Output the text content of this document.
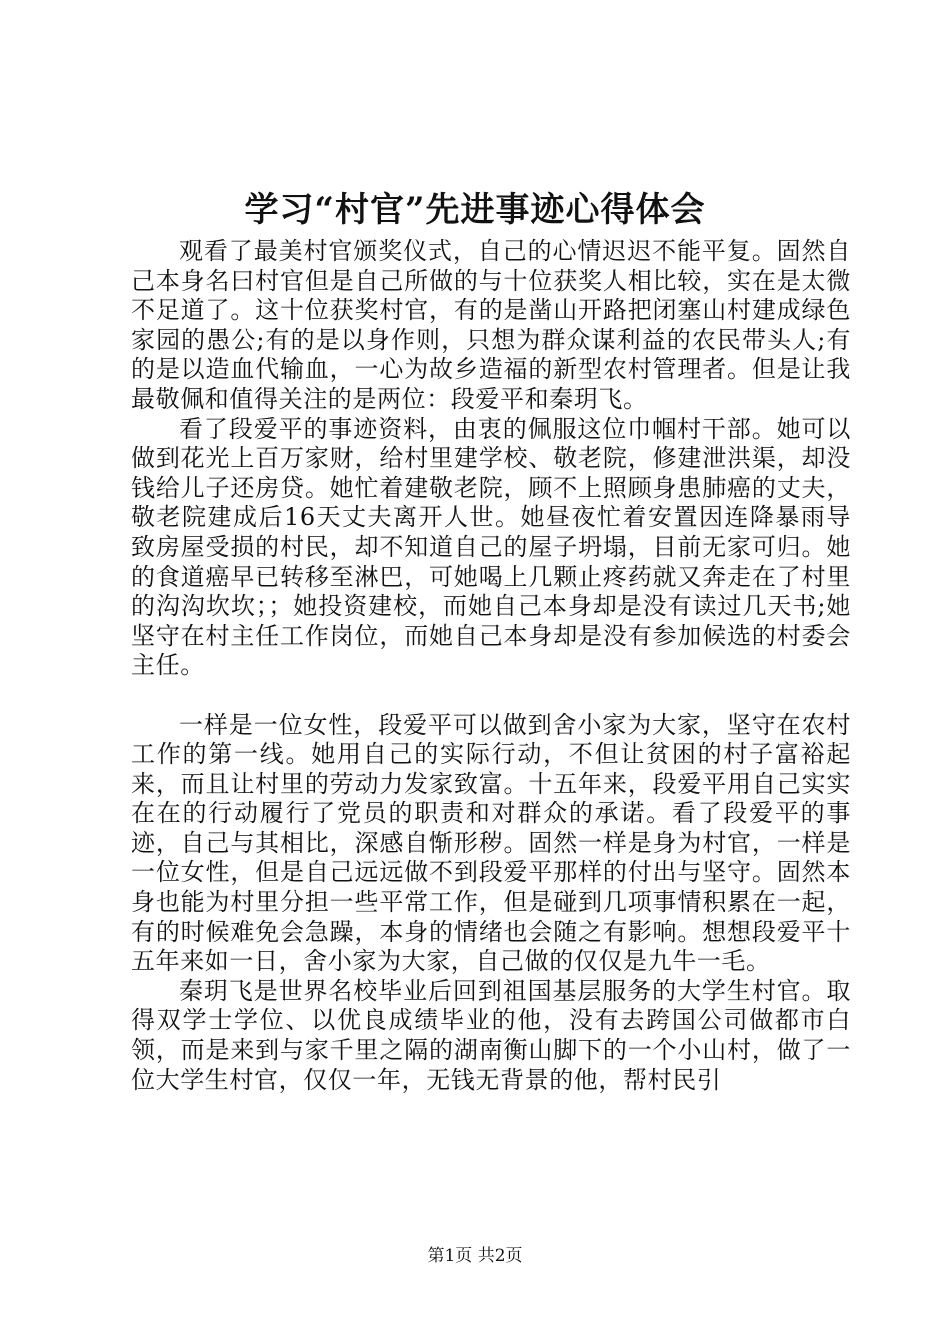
学习“村官”先进事迹心得体会

观看了最美村官颁奖仪式，自己的心情迟迟不能平复。固然自己本身名曰村官但是自己所做的与十位获奖人相比较，实在是太微不足道了。这十位获奖村官，有的是凿山开路把闭塞山村建成绿色家园的愚公;有的是以身作则，只想为群众谋利益的农民带头人;有的是以造血代输血，一心为故乡造福的新型农村管理者。但是让我最敬佩和值得关注的是两位：段爱平和秦玥飞。

看了段爱平的事迹资料，由衷的佩服这位巾帼村干部。她可以做到花光上百万家财，给村里建学校、敬老院，修建泄洪渠，却没钱给儿子还房贷。她忙着建敬老院，顾不上照顾身患肺癌的丈夫，敬老院建成后16天丈夫离开人世。她昼夜忙着安置因连降暴雨导致房屋受损的村民，却不知道自己的屋子坍塌，目前无家可归。她的食道癌早已转移至淋巴，可她喝上几颗止疼药就又奔走在了村里的沟沟坎坎；；她投资建校，而她自己本身却是没有读过几天书;她坚守在村主任工作岗位，而她自己本身却是没有参加候选的村委会主任。

一样是一位女性，段爱平可以做到舍小家为大家，坚守在农村工作的第一线。她用自己的实际行动，不但让贫困的村子富裕起来，而且让村里的劳动力发家致富。十五年来，段爱平用自己实实在在的行动履行了党员的职责和对群众的承诺。看了段爱平的事迹，自己与其相比，深感自惭形秽。固然一样是身为村官，一样是一位女性，但是自己远远做不到段爱平那样的付出与坚守。固然本身也能为村里分担一些平常工作，但是碰到几项事情积累在一起，有的时候难免会急躁，本身的情绪也会随之有影响。想想段爱平十五年来如一日，舍小家为大家，自己做的仅仅是九牛一毛。

秦玥飞是世界名校毕业后回到祖国基层服务的大学生村官。取得双学士学位、以优良成绩毕业的他，没有去跨国公司做都市白领，而是来到与家千里之隔的湖南衡山脚下的一个小山村，做了一位大学生村官，仅仅一年，无钱无背景的他，帮村民引

第1页 共2页
